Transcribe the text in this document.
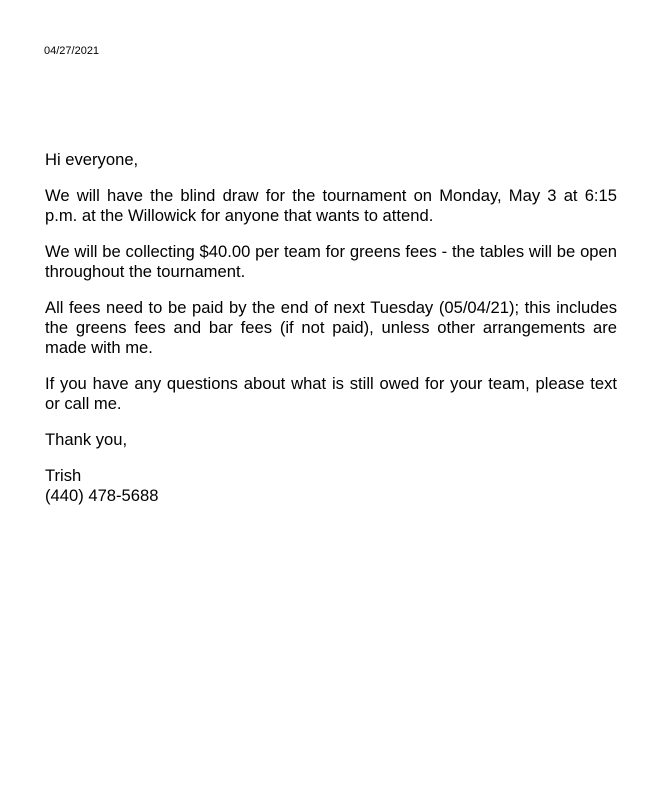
04/27/2021

Hi everyone,

We will have the blind draw for the tournament on Monday, May 3 at 6:15 p.m. at the Willowick for anyone that wants to attend.

We will be collecting $40.00 per team for greens fees - the tables will be open throughout the tournament.

All fees need to be paid by the end of next Tuesday (05/04/21); this includes the greens fees and bar fees (if not paid), unless other arrangements are made with me.

If you have any questions about what is still owed for your team, please text or call me.

Thank you,

Trish
(440) 478-5688
